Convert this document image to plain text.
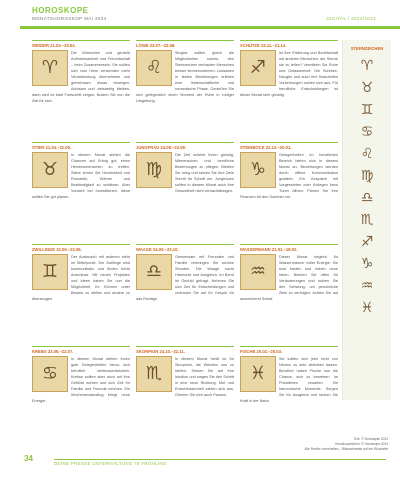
HOROSKOPE
MONATSHOROSKOP MAI 2024	DIGITAL / 2024/2024
WIDDER 21.03.–20.04.
♈
Die Wünschen und genießt Aufmerksamkeit und Freundschaft – beim Zusammensein. Sie sollten sich vom Heim verwenden mehr Verantwortung übernehmen und gemeinsam etwas bewegen. Achtsam und zielstrebig bleiben, dann wird es bald Fortschritt zeigen. Nutzen Sie nun die Zeit für sich.
LÖWE 23.07.–23.08.
♌
Singles sollten gleich die Möglichkeiten nutzen, den Sternzeichen vertrauten Menschen besser kennenzulernen. Loslassen in festen Beziehungen erleben eine leidenschaftliche und romantische Phase. Genießen Sie sich gelegentlich einen Moment der Ruhe in ruhiger Umgebung.
SCHÜTZE 23.11.–21.12.
♐
Ist Ihre Erfahrung und Bereitschaft mit anderen Menschen, der Sterne sie zu teilen? Vermitteln Sie Ruhe und Gelassenheit. Die Schütze-Neugier und auch Ihre finanziellen Vorkehrungen zahlen sich aus. Für berufliche Entscheidungen ist dieser Monat sehr günstig.
STIER 21.04.–21.05.
♉
In diesem Monat stehen die Chancen auf Erfolg gut, einen Herzensmenschen zu treffen. Stiere lernen Sie Herzlichkeit und Romantik, Wärme und Beständigkeit zu schätzen. Aber Vorsicht bei Investitionen, diese sollten Sie gut planen.
JUNGFRAU 24.08.–23.09.
♍
Die Zeit scheint Ihnen günstig, Mitmenschen und berufliche Beziehungen zu pflegen. Bleiben Sie ruhig und setzen Sie Ihre Ziele Schritt für Schritt um. Jungfrauen sollten in diesem Monat auch ihre Gesundheit nicht vernachlässigen.
STEINBOCK 22.12.–20.01.
♑
Gelegenheiten im beruflichen Bereich bieten sich in diesem Monat an. Beziehungen werden durch offene Kommunikation gestärkt. Ein Gespräch mit Vorgesetzten oder Kollegen kann Türen öffnen. Planen Sie Ihre Finanzen für den Sommer vor.
ZWILLINGE 22.05.–22.06.
♊
Der Austausch mit anderen steht im Mittelpunkt. Die Zwillinge sind kommunikativ und finden leicht Anschluss. Mit neuen Projekten und Ideen haben Sie nun die Möglichkeit, Ihr Können unter Beweis zu stellen und andere zu überzeugen.
WAAGE 24.09.–23.10.
♎
Gemeinsam mit Freunden und Familie verbringen Sie schöne Stunden. Die Waage sucht Harmonie und Ausgleich. Im Beruf ist Geduld gefragt. Nehmen Sie sich Zeit für Entscheidungen und vertrauen Sie auf Ihr Gespür für das Richtige.
WASSERMANN 21.01.–19.02.
♒
Dieser Monat beginnt für Wassermänner voller Energie. Sie sind kreativ und haben neue Ideen. Bleiben Sie offen für Veränderungen und nutzen Sie den Schwung, um persönliche Ziele zu verfolgen. Achten Sie auf ausreichend Schlaf.
KREBS 23.06.–22.07.
♋
In diesem Monat stehen Ihnen gute Gelegenheiten bevor, sich beruflich weiterzuentwickeln. Krebse sollten aber auch auf ihre Gefühle achten und sich Zeit für Familie und Freunde nehmen. Ein Wochenendausflug bringt neue Energie.
SKORPION 24.10.–22.11.
♏
In diesem Monat heißt es für Skorpione, die Weichen neu zu stellen. Setzen Sie auf Ihre Intuition und wagen Sie den Schritt in eine neue Richtung. Mut und Entschlossenheit zahlen sich aus. Gönnen Sie sich auch Pausen.
FISCHE 20.02.–20.03.
♓
Sie sollten sich jetzt nicht von Neuem zu sehr ablenken lassen. Beruflich haben Fische nun die Chance, sich zu beweisen. Im Privatleben erwarten Sie harmonische Momente. Sorgen Sie für Ausgleich und tanken Sie Kraft in der Natur.
STERNZEICHEN
♈
♉
♊
♋
♌
♍
♎
♏
♐
♑
♒
♓
Text: © Schauspiel 2024
Horoskopzeichen: © Horoskope 2024
Alle Rechte vorbehalten – Bildnachweise auf der Rückseite
34
DEINE PRESSE UNTERHALTUNG 78 FRÜHLING
